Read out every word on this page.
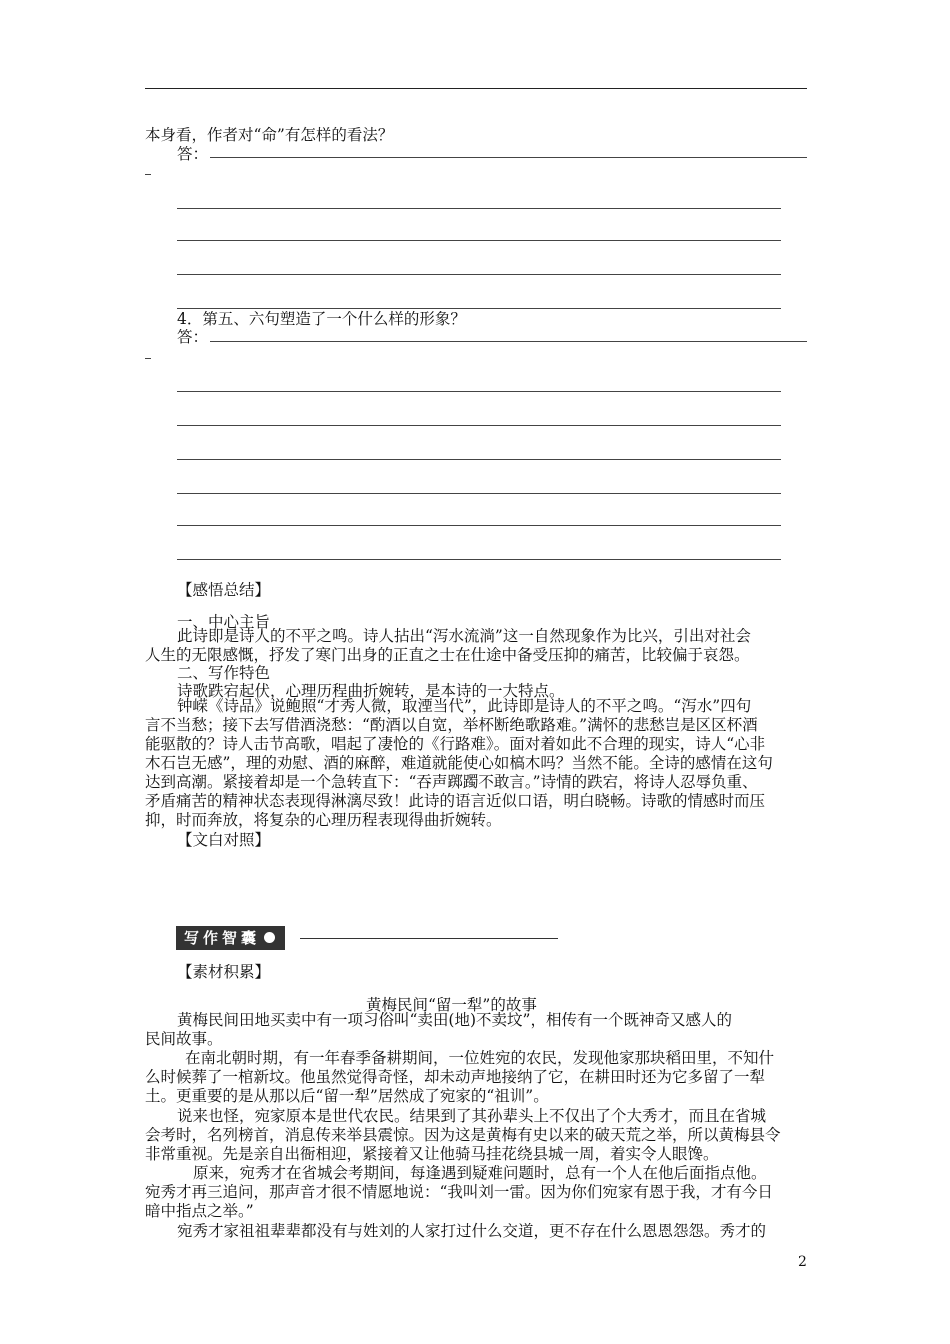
本身看，作者对“命”有怎样的看法？
答：
4．第五、六句塑造了一个什么样的形象？
答：
【感悟总结】
一、中心主旨
此诗即是诗人的不平之鸣。诗人拈出“泻水流淌”这一自然现象作为比兴，引出对社会
人生的无限感慨，抒发了寒门出身的正直之士在仕途中备受压抑的痛苦，比较偏于哀怨。
二、写作特色
诗歌跌宕起伏，心理历程曲折婉转，是本诗的一大特点。
钟嵘《诗品》说鲍照“才秀人微，取湮当代”，此诗即是诗人的不平之鸣。“泻水”四句
言不当愁；接下去写借酒浇愁：“酌酒以自宽，举杯断绝歌路难。”满怀的悲愁岂是区区杯酒
能驱散的？诗人击节高歌，唱起了凄怆的《行路难》。面对着如此不合理的现实，诗人“心非
木石岂无感”，理的劝慰、酒的麻醉，难道就能使心如槁木吗？当然不能。全诗的感情在这句
达到高潮。紧接着却是一个急转直下：“吞声踯躅不敢言。”诗情的跌宕，将诗人忍辱负重、
矛盾痛苦的精神状态表现得淋漓尽致！此诗的语言近似口语，明白晓畅。诗歌的情感时而压
抑，时而奔放，将复杂的心理历程表现得曲折婉转。
【文白对照】
写作智囊
【素材积累】
黄梅民间“留一犁”的故事
黄梅民间田地买卖中有一项习俗叫“卖田(地)不卖坟”，相传有一个既神奇又感人的
民间故事。
在南北朝时期，有一年春季备耕期间，一位姓宛的农民，发现他家那块稻田里，不知什
么时候葬了一棺新坟。他虽然觉得奇怪，却未动声地接纳了它，在耕田时还为它多留了一犁
土。更重要的是从那以后“留一犁”居然成了宛家的“祖训”。
说来也怪，宛家原本是世代农民。结果到了其孙辈头上不仅出了个大秀才，而且在省城
会考时，名列榜首，消息传来举县震惊。因为这是黄梅有史以来的破天荒之举，所以黄梅县令
非常重视。先是亲自出衙相迎，紧接着又让他骑马挂花绕县城一周，着实令人眼馋。
原来，宛秀才在省城会考期间，每逢遇到疑难问题时，总有一个人在他后面指点他。
宛秀才再三追问，那声音才很不情愿地说：“我叫刘一雷。因为你们宛家有恩于我，才有今日
暗中指点之举。”
宛秀才家祖祖辈辈都没有与姓刘的人家打过什么交道，更不存在什么恩恩怨怨。秀才的
2
